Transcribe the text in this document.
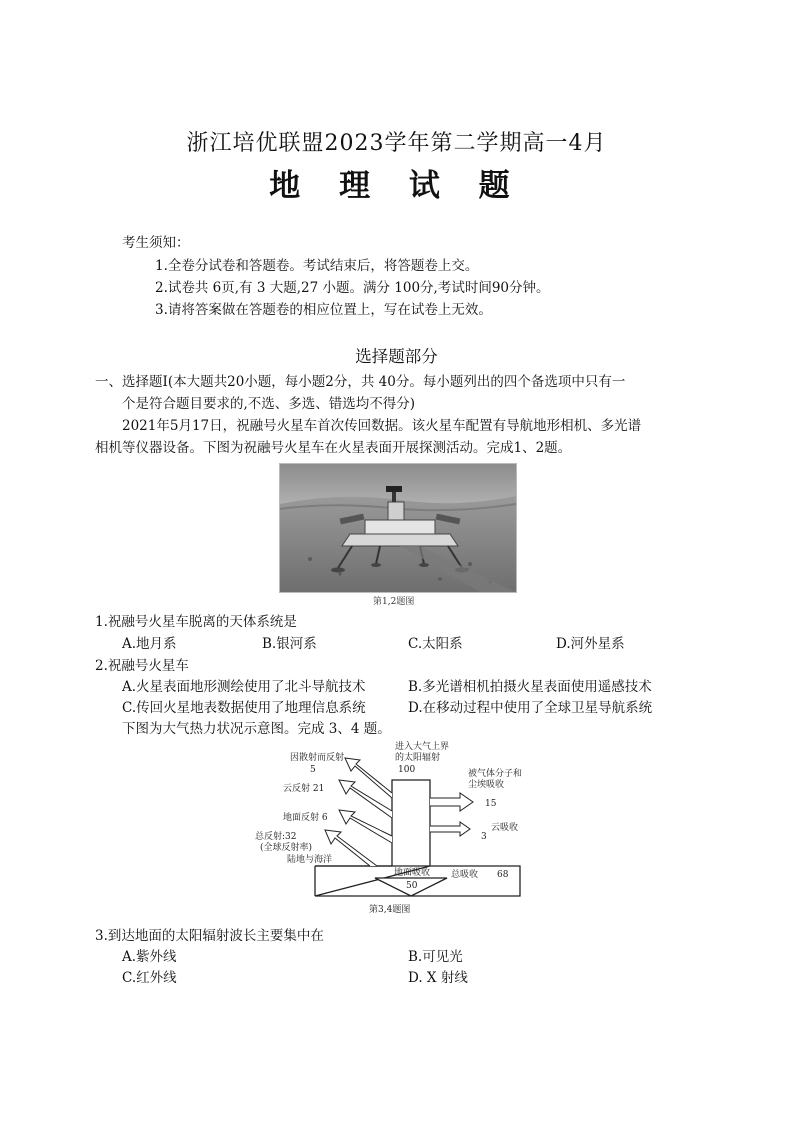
浙江培优联盟2023学年第二学期高一4月
地 理 试 题
考生须知：
1.全卷分试卷和答题卷。考试结束后，将答题卷上交。
2.试卷共 6页,有 3 大题,27 小题。满分 100分,考试时间90分钟。
3.请将答案做在答题卷的相应位置上，写在试卷上无效。
选择题部分
一、选择题Ⅰ(本大题共20小题，每小题2分，共 40分。每小题列出的四个备选项中只有一
个是符合题目要求的,不选、多选、错选均不得分)
2021年5月17日，祝融号火星车首次传回数据。该火星车配置有导航地形相机、多光谱
相机等仪器设备。下图为祝融号火星车在火星表面开展探测活动。完成1、2题。
第1,2题图
1.祝融号火星车脱离的天体系统是
A.地月系	B.银河系	C.太阳系	D.河外星系
2.祝融号火星车
A.火星表面地形测绘使用了北斗导航技术	B.多光谱相机拍摄火星表面使用遥感技术
C.传回火星地表数据使用了地理信息系统	D.在移动过程中使用了全球卫星导航系统
下图为大气热力状况示意图。完成 3、4 题。
进入大气上界
的太阳辐射
100
因散射而反射
5
云反射 21
地面反射 6
总反射:32
(全球反射率)
陆地与海洋
被气体分子和
尘埃吸收
15
云吸收
3
总吸收 68
地面吸收
50
第3,4题图
3.到达地面的太阳辐射波长主要集中在
A.紫外线	B.可见光
C.红外线	D. X 射线
